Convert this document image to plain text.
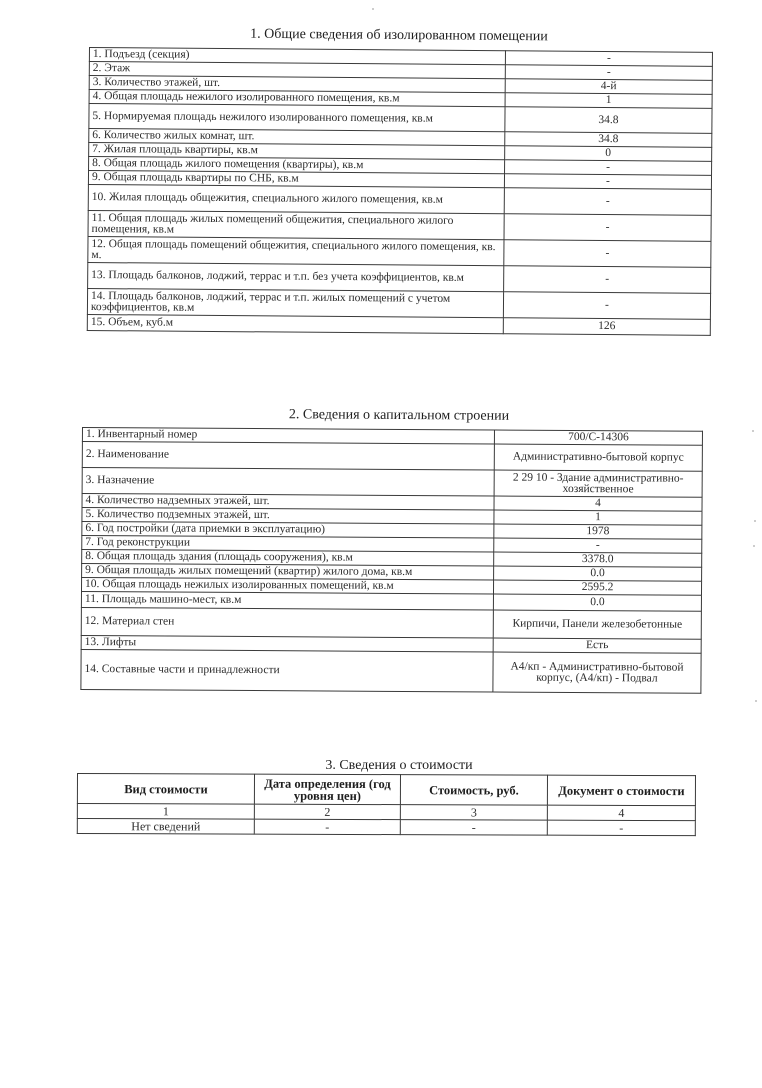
1. Общие сведения об изолированном помещении
1. Подъезд (секция)	-
2. Этаж	-
3. Количество этажей, шт.	4-й
4. Общая площадь нежилого изолированного помещения, кв.м	1
5. Нормируемая площадь нежилого изолированного помещения, кв.м	34.8
6. Количество жилых комнат, шт.	34.8
7. Жилая площадь квартиры, кв.м	0
8. Общая площадь жилого помещения (квартиры), кв.м	-
9. Общая площадь квартиры по СНБ, кв.м	-
10. Жилая площадь общежития, специального жилого помещения, кв.м	-
11. Общая площадь жилых помещений общежития, специального жилого помещения, кв.м	-
12. Общая площадь помещений общежития, специального жилого помещения, кв. м.	-
13. Площадь балконов, лоджий, террас и т.п. без учета коэффициентов, кв.м	-
14. Площадь балконов, лоджий, террас и т.п. жилых помещений с учетом коэффициентов, кв.м	-
15. Объем, куб.м	126
2. Сведения о капитальном строении
1. Инвентарный номер	700/C-14306
2. Наименование	Административно-бытовой корпус
3. Назначение	2 29 10 - Здание административно-хозяйственное
4. Количество надземных этажей, шт.	4
5. Количество подземных этажей, шт.	1
6. Год постройки (дата приемки в эксплуатацию)	1978
7. Год реконструкции	-
8. Общая площадь здания (площадь сооружения), кв.м	3378.0
9. Общая площадь жилых помещений (квартир) жилого дома, кв.м	0.0
10. Общая площадь нежилых изолированных помещений, кв.м	2595.2
11. Площадь машино-мест, кв.м	0.0
12. Материал стен	Кирпичи, Панели железобетонные
13. Лифты	Есть
14. Составные части и принадлежности	А4/кп - Административно-бытовой корпус, (А4/кп) - Подвал
3. Сведения о стоимости
Вид стоимости	Дата определения (год уровня цен)	Стоимость, руб.	Документ о стоимости
1	2	3	4
Нет сведений	-	-	-
